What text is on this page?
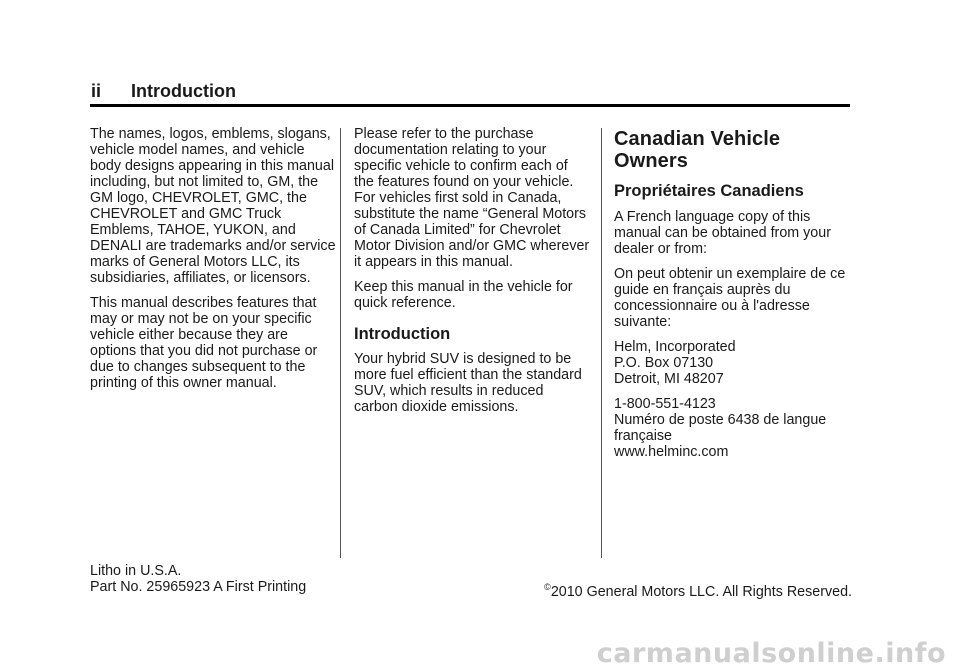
ii Introduction

The names, logos, emblems, slogans, vehicle model names, and vehicle body designs appearing in this manual including, but not limited to, GM, the GM logo, CHEVROLET, GMC, the CHEVROLET and GMC Truck Emblems, TAHOE, YUKON, and DENALI are trademarks and/or service marks of General Motors LLC, its subsidiaries, affiliates, or licensors.

This manual describes features that may or may not be on your specific vehicle either because they are options that you did not purchase or due to changes subsequent to the printing of this owner manual.

Please refer to the purchase documentation relating to your specific vehicle to confirm each of the features found on your vehicle. For vehicles first sold in Canada, substitute the name “General Motors of Canada Limited” for Chevrolet Motor Division and/or GMC wherever it appears in this manual.

Keep this manual in the vehicle for quick reference.

Introduction

Your hybrid SUV is designed to be more fuel efficient than the standard SUV, which results in reduced carbon dioxide emissions.

Canadian Vehicle Owners
Propriétaires Canadiens

A French language copy of this manual can be obtained from your dealer or from:

On peut obtenir un exemplaire de ce guide en français auprès du concessionnaire ou à l'adresse suivante:

Helm, Incorporated
P.O. Box 07130
Detroit, MI 48207

1-800-551-4123
Numéro de poste 6438 de langue française
www.helminc.com

Litho in U.S.A.
Part No. 25965923 A First Printing	©2010 General Motors LLC. All Rights Reserved.
carmanualsonline.info
